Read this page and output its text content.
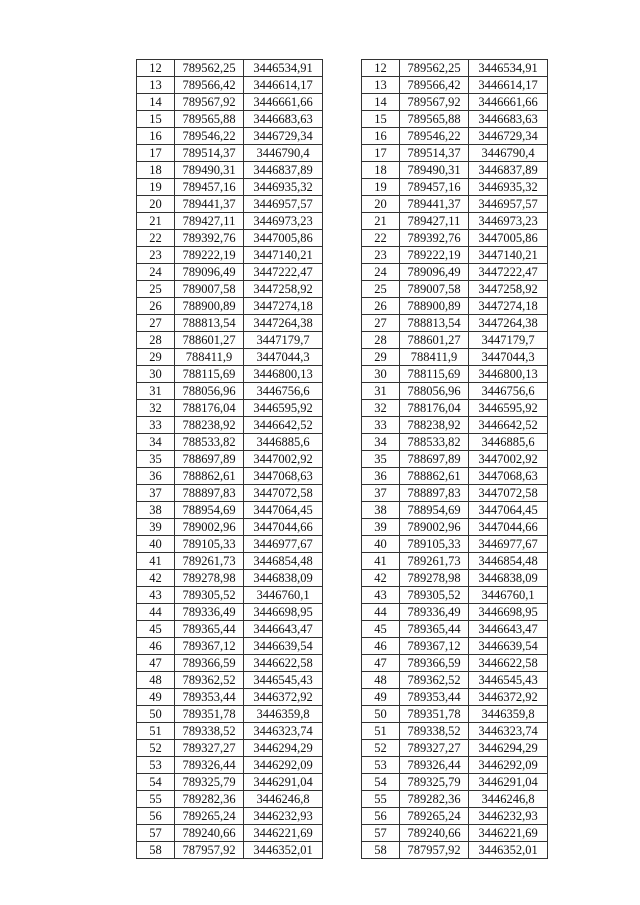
12	789562,25	3446534,91
13	789566,42	3446614,17
14	789567,92	3446661,66
15	789565,88	3446683,63
16	789546,22	3446729,34
17	789514,37	3446790,4
18	789490,31	3446837,89
19	789457,16	3446935,32
20	789441,37	3446957,57
21	789427,11	3446973,23
22	789392,76	3447005,86
23	789222,19	3447140,21
24	789096,49	3447222,47
25	789007,58	3447258,92
26	788900,89	3447274,18
27	788813,54	3447264,38
28	788601,27	3447179,7
29	788411,9	3447044,3
30	788115,69	3446800,13
31	788056,96	3446756,6
32	788176,04	3446595,92
33	788238,92	3446642,52
34	788533,82	3446885,6
35	788697,89	3447002,92
36	788862,61	3447068,63
37	788897,83	3447072,58
38	788954,69	3447064,45
39	789002,96	3447044,66
40	789105,33	3446977,67
41	789261,73	3446854,48
42	789278,98	3446838,09
43	789305,52	3446760,1
44	789336,49	3446698,95
45	789365,44	3446643,47
46	789367,12	3446639,54
47	789366,59	3446622,58
48	789362,52	3446545,43
49	789353,44	3446372,92
50	789351,78	3446359,8
51	789338,52	3446323,74
52	789327,27	3446294,29
53	789326,44	3446292,09
54	789325,79	3446291,04
55	789282,36	3446246,8
56	789265,24	3446232,93
57	789240,66	3446221,69
58	787957,92	3446352,01
12	789562,25	3446534,91
13	789566,42	3446614,17
14	789567,92	3446661,66
15	789565,88	3446683,63
16	789546,22	3446729,34
17	789514,37	3446790,4
18	789490,31	3446837,89
19	789457,16	3446935,32
20	789441,37	3446957,57
21	789427,11	3446973,23
22	789392,76	3447005,86
23	789222,19	3447140,21
24	789096,49	3447222,47
25	789007,58	3447258,92
26	788900,89	3447274,18
27	788813,54	3447264,38
28	788601,27	3447179,7
29	788411,9	3447044,3
30	788115,69	3446800,13
31	788056,96	3446756,6
32	788176,04	3446595,92
33	788238,92	3446642,52
34	788533,82	3446885,6
35	788697,89	3447002,92
36	788862,61	3447068,63
37	788897,83	3447072,58
38	788954,69	3447064,45
39	789002,96	3447044,66
40	789105,33	3446977,67
41	789261,73	3446854,48
42	789278,98	3446838,09
43	789305,52	3446760,1
44	789336,49	3446698,95
45	789365,44	3446643,47
46	789367,12	3446639,54
47	789366,59	3446622,58
48	789362,52	3446545,43
49	789353,44	3446372,92
50	789351,78	3446359,8
51	789338,52	3446323,74
52	789327,27	3446294,29
53	789326,44	3446292,09
54	789325,79	3446291,04
55	789282,36	3446246,8
56	789265,24	3446232,93
57	789240,66	3446221,69
58	787957,92	3446352,01
